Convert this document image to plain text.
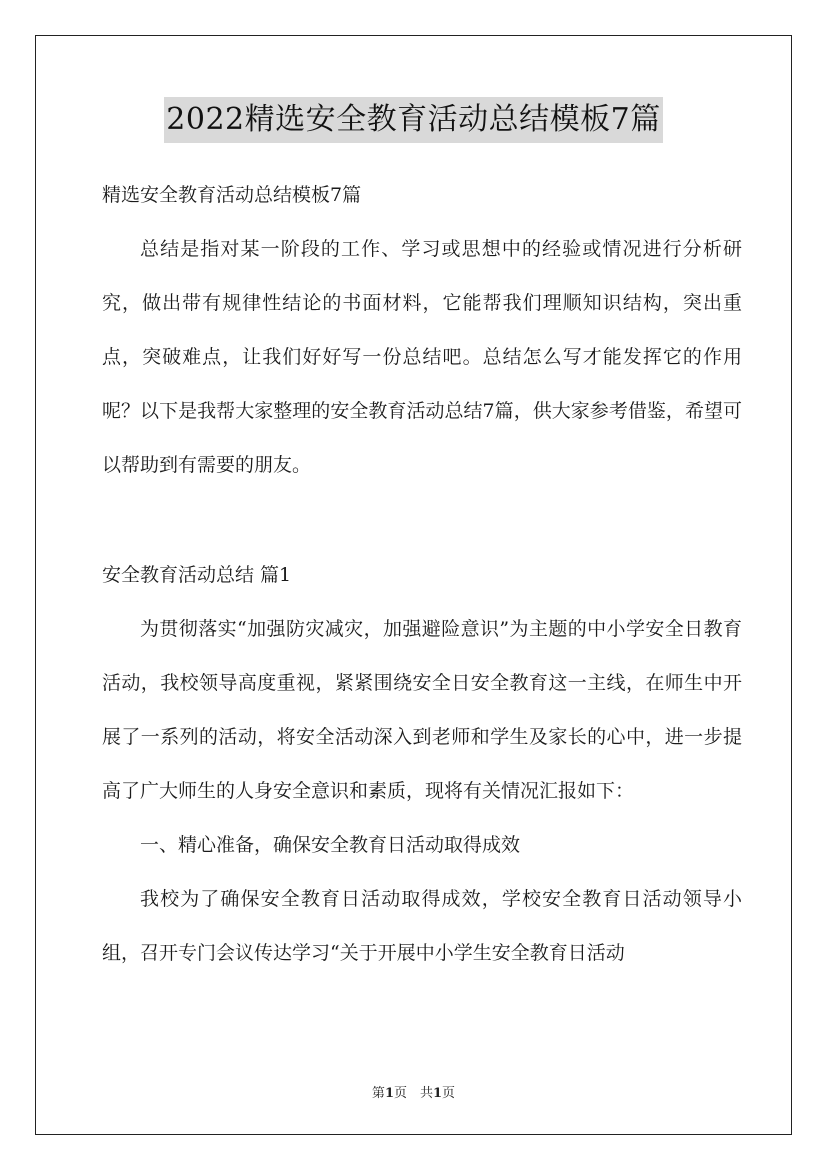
2022精选安全教育活动总结模板7篇
精选安全教育活动总结模板7篇

总结是指对某一阶段的工作、学习或思想中的经验或情况进行分析研究，做出带有规律性结论的书面材料，它能帮我们理顺知识结构，突出重点，突破难点，让我们好好写一份总结吧。总结怎么写才能发挥它的作用呢？以下是我帮大家整理的安全教育活动总结7篇，供大家参考借鉴，希望可以帮助到有需要的朋友。

安全教育活动总结 篇1

为贯彻落实“加强防灾减灾，加强避险意识”为主题的中小学安全日教育活动，我校领导高度重视，紧紧围绕安全日安全教育这一主线，在师生中开展了一系列的活动，将安全活动深入到老师和学生及家长的心中，进一步提高了广大师生的人身安全意识和素质，现将有关情况汇报如下：

一、精心准备，确保安全教育日活动取得成效

我校为了确保安全教育日活动取得成效，学校安全教育日活动领导小组，召开专门会议传达学习“关于开展中小学生安全教育日活动

第1页　共1页
